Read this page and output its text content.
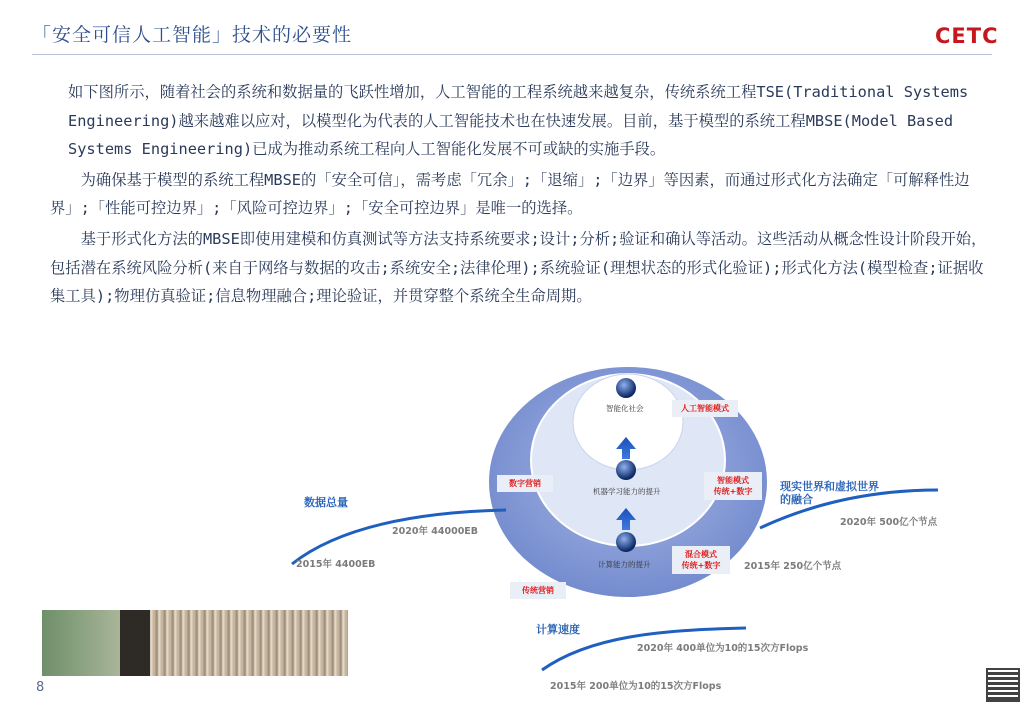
「安全可信人工智能」技术的必要性	CETC

如下图所示，随着社会的系统和数据量的飞跃性增加，人工智能的工程系统越来越复杂，传统系统工程TSE(Traditional Systems Engineering)越来越难以应对，以模型化为代表的人工智能技术也在快速发展。目前，基于模型的系统工程MBSE(Model Based Systems Engineering)已成为推动系统工程向人工智能化发展不可或缺的实施手段。

为确保基于模型的系统工程MBSE的「安全可信」，需考虑「冗余」;「退缩」;「边界」等因素，而通过形式化方法确定「可解释性边界」;「性能可控边界」;「风险可控边界」;「安全可控边界」是唯一的选择。

基于形式化方法的MBSE即使用建模和仿真测试等方法支持系统要求;设计;分析;验证和确认等活动。这些活动从概念性设计阶段开始，包括潜在系统风险分析(来自于网络与数据的攻击;系统安全;法律伦理);系统验证(理想状态的形式化验证);形式化方法(模型检查;证据收集工具);物理仿真验证;信息物理融合;理论验证，并贯穿整个系统全生命周期。

智能化社会
机器学习能力的提升
计算能力的提升
人工智能模式
数字营销	智能模式
传统+数字
混合模式
传统+数字
传统营销
数据总量
2020年 44000EB
2015年 4400EB
现实世界和虚拟世界
的融合
2020年 500亿个节点
2015年 250亿个节点
计算速度
2020年 400单位为10的15次方Flops
2015年 200单位为10的15次方Flops
8
